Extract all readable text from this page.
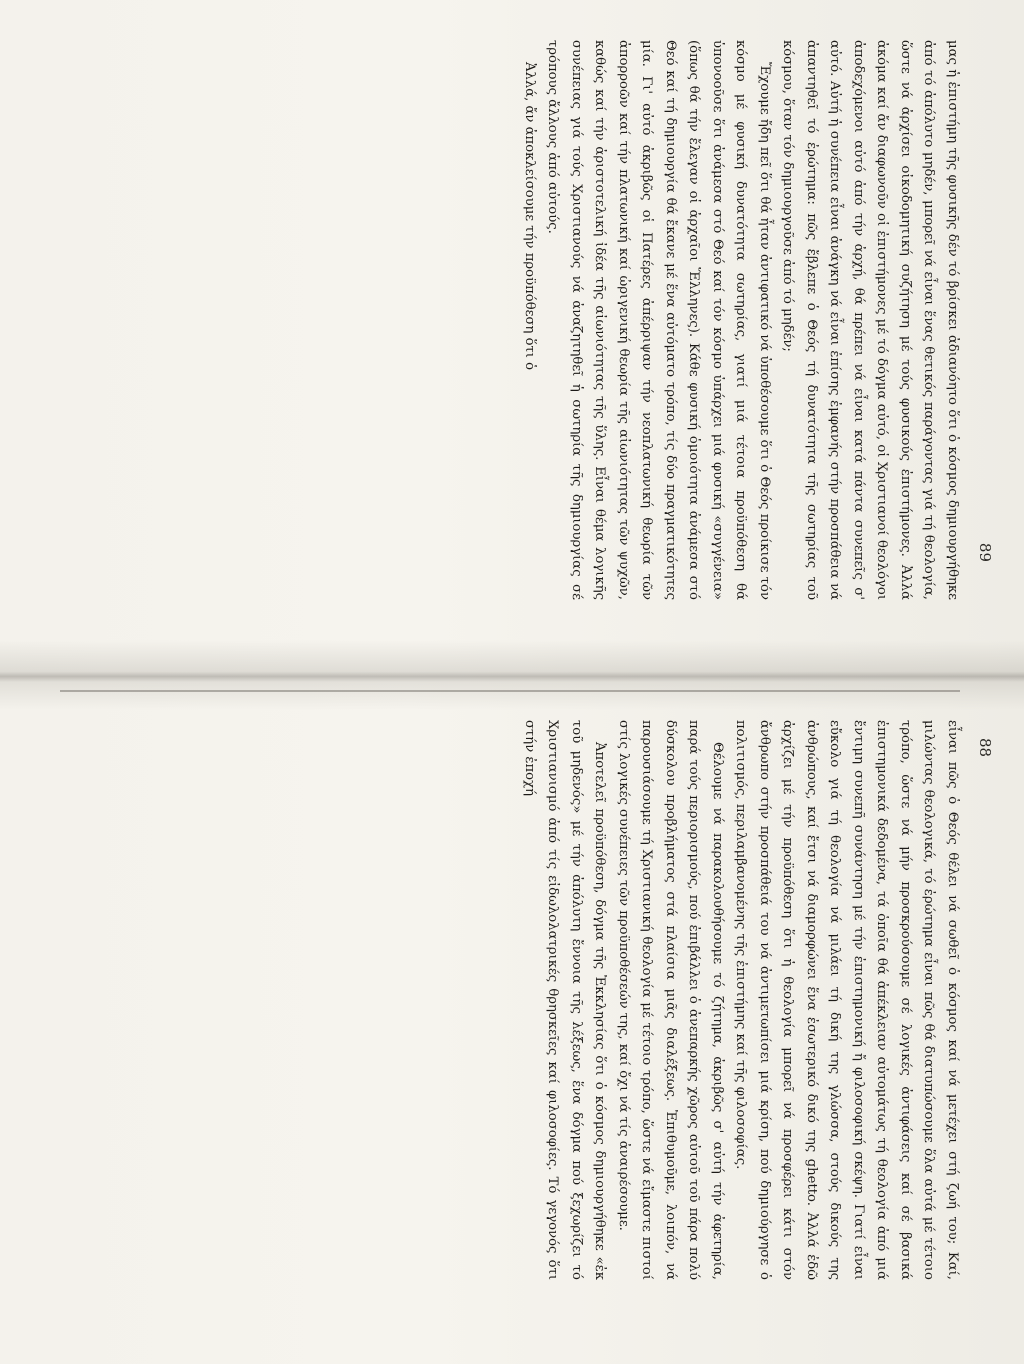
89

μας ἡ ἐπιστήμη τῆς φυσικῆς δέν τό βρίσκει ἀδιανόητο ὅτι ὁ κόσμος δημιουργήθηκε ἀπό τό ἀπόλυτο μηδέν, μπορεῖ νά εἶναι ἕνας θετικός παράγοντας γιά τή θεολογία, ὥστε νά ἀρχίσει οἰκοδομητική συζήτηση μέ τούς φυσικούς ἐπιστήμονες. Ἀλλά ἀκόμα καί ἄν διαφωνοῦν οἱ ἐπιστήμονες μέ τό δόγμα αὐτό, οἱ Χριστιανοί θεολόγοι ἀποδεχόμενοι αὐτό ἀπό τήν ἀρχή, θά πρέπει νά εἶναι κατά πάντα συνεπεῖς σ' αὐτό. Αὐτή ἡ συνέπεια εἶναι ἀνάγκη νά εἶναι ἐπίσης ἐμφανής στήν προσπάθεια νά ἀπαντηθεῖ τό ἐρώτημα: πῶς ἔβλεπε ὁ Θεός τή δυνατότητα τῆς σωτηρίας τοῦ κόσμου, ὅταν τόν δημιουργοῦσε ἀπό τό μηδέν;

Ἔχουμε ἤδη πεῖ ὅτι θά ἦταν ἀντιφατικό νά ὑποθέσουμε ὅτι ὁ Θεός προίκισε τόν κόσμο μέ φυσική δυνατότητα σωτηρίας, γιατί μιά τέτοια προϋπόθεση θά ὑπονοοῦσε ὅτι ἀνάμεσα στό Θεό καί τόν κόσμο ὑπάρχει μιά φυσική «συγγένεια» (ὅπως θά τήν ἔλεγαν οἱ ἀρχαῖοι Ἕλληνες). Κάθε φυσική ὁμοιότητα ἀνάμεσα στό Θεό καί τή δημιουργία θά ἔκανε μέ ἕνα αὐτόματο τρόπο, τίς δύο πραγματικότητες μία. Γι' αὐτό ἀκριβῶς οἱ Πατέρες ἀπέρριψαν τήν νεοπλατωνική θεωρία τῶν ἀπορροῶν καί τήν πλατωνική καί ὠριγενική θεωρία τῆς αἰωνιότητας τῶν ψυχῶν, καθώς καί τήν ἀριστοτελική ἰδέα τῆς αἰωνιότητας τῆς ὕλης. Εἶναι θέμα λογικῆς συνέπειας γιά τούς Χριστιανούς νά ἀναζητηθεῖ ἡ σωτηρία τῆς δημιουργίας σέ τρόπους ἄλλους ἀπό αὐτούς.

Ἀλλά, ἄν ἀποκλείσουμε τήν προϋπόθεση ὅτι ὁ

88

εἶναι πῶς ὁ Θεός θέλει νά σωθεῖ ὁ κόσμος καί νά μετέχει στή ζωή του; Καί, μιλώντας θεολογικά, τό ἐρώτημα εἶναι πῶς θά διατυπώσουμε ὅλα αὐτά μέ τέτοιο τρόπο, ὥστε νά μήν προσκρούσουμε σέ λογικές ἀντιφάσεις καί σέ βασικά ἐπιστημονικά δεδομένα, τά ὁποῖα θά ἀπέκλειαν αὐτομάτως τή θεολογία ἀπό μιά ἔντιμη συνεπῆ συνάντηση μέ τήν ἐπιστημονική ἤ φιλοσοφική σκέψη. Γιατί εἶναι εὔκολο γιά τή θεολογία νά μιλάει τή δική της γλώσσα, στούς δικούς της ἀνθρώπους, καί ἔτσι νά διαμορφώνει ἕνα ἐσωτερικό δικό της ghetto. Ἀλλά ἐδῶ ἀρχίζει μέ τήν προϋπόθεση ὅτι ἡ θεολογία μπορεῖ νά προσφέρει κάτι στόν ἄνθρωπο στήν προσπάθειά του νά ἀντιμετωπίσει μιά κρίση, πού δημιούργησε ὁ πολιτισμός, περιλαμβανομένης τῆς ἐπιστήμης καί τῆς φιλοσοφίας.

Θέλουμε νά παρακολουθήσουμε τό ζήτημα, ἀκριβῶς σ' αὐτή τήν ἀφετηρία, παρά τούς περιορισμούς, πού ἐπιβάλλει ὁ ἀνεπαρκής χῶρος αὐτοῦ τοῦ πάρα πολύ δύσκολου προβλήματος στά πλαίσια μιᾶς διαλέξεως. Ἐπιθυμοῦμε, λοιπόν, νά παρουσιάσουμε τή Χριστιανική θεολογία μέ τέτοιο τρόπο, ὥστε νά εἴμαστε πιστοί στίς λογικές συνέπειες τῶν προϋποθέσεών της, καί ὄχι νά τίς ἀναιρέσουμε.

Ἀποτελεῖ προϋπόθεση, δόγμα τῆς Ἐκκλησίας ὅτι ὁ κόσμος δημιουργήθηκε «ἐκ τοῦ μηδενός» μέ τήν ἀπόλυτη ἔννοια τῆς λέξεως, ἕνα δόγμα πού ξεχωρίζει τό Χριστιανισμό ἀπό τίς εἰδωλολατρικές θρησκεῖες καί φιλοσοφίες. Τό γεγονός ὅτι στήν ἐποχή
